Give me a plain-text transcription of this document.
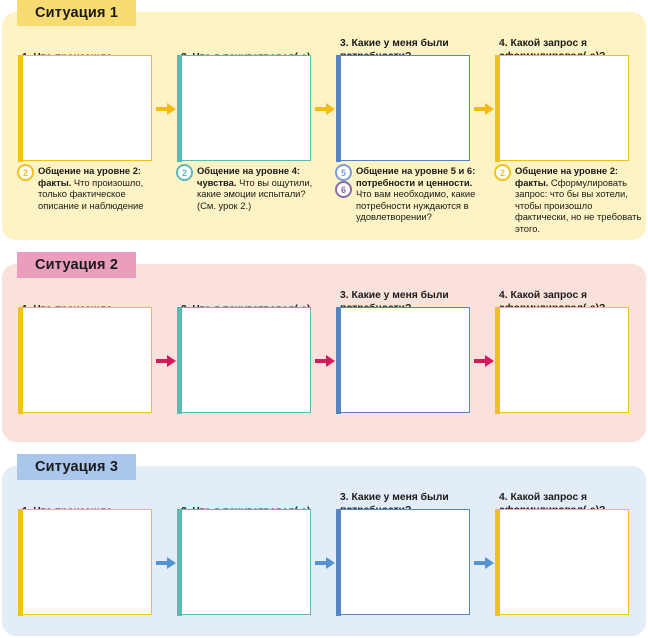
Ситуация 1
3. Какие у меня были	4. Какой запрос я
Ситуация 2
3. Какие у меня были	4. Какой запрос я
Ситуация 3
3. Какие у меня были	4. Какой запрос я
2	Общение на уровне 2: факты. Что произошло, только фактическое описание и наблюдение
2	Общение на уровне 4: чувства. Что вы ощутили, какие эмоции испытали? (См. урок 2.)
5
6
Общение на уровне 5 и 6: потребности и ценности. Что вам необходимо, какие потребности нуждаются в удовлетворении?
2	Общение на уровне 2: факты. Сформулировать запрос: что бы вы хотели, чтобы произошло фактически, но не требовать этого.
